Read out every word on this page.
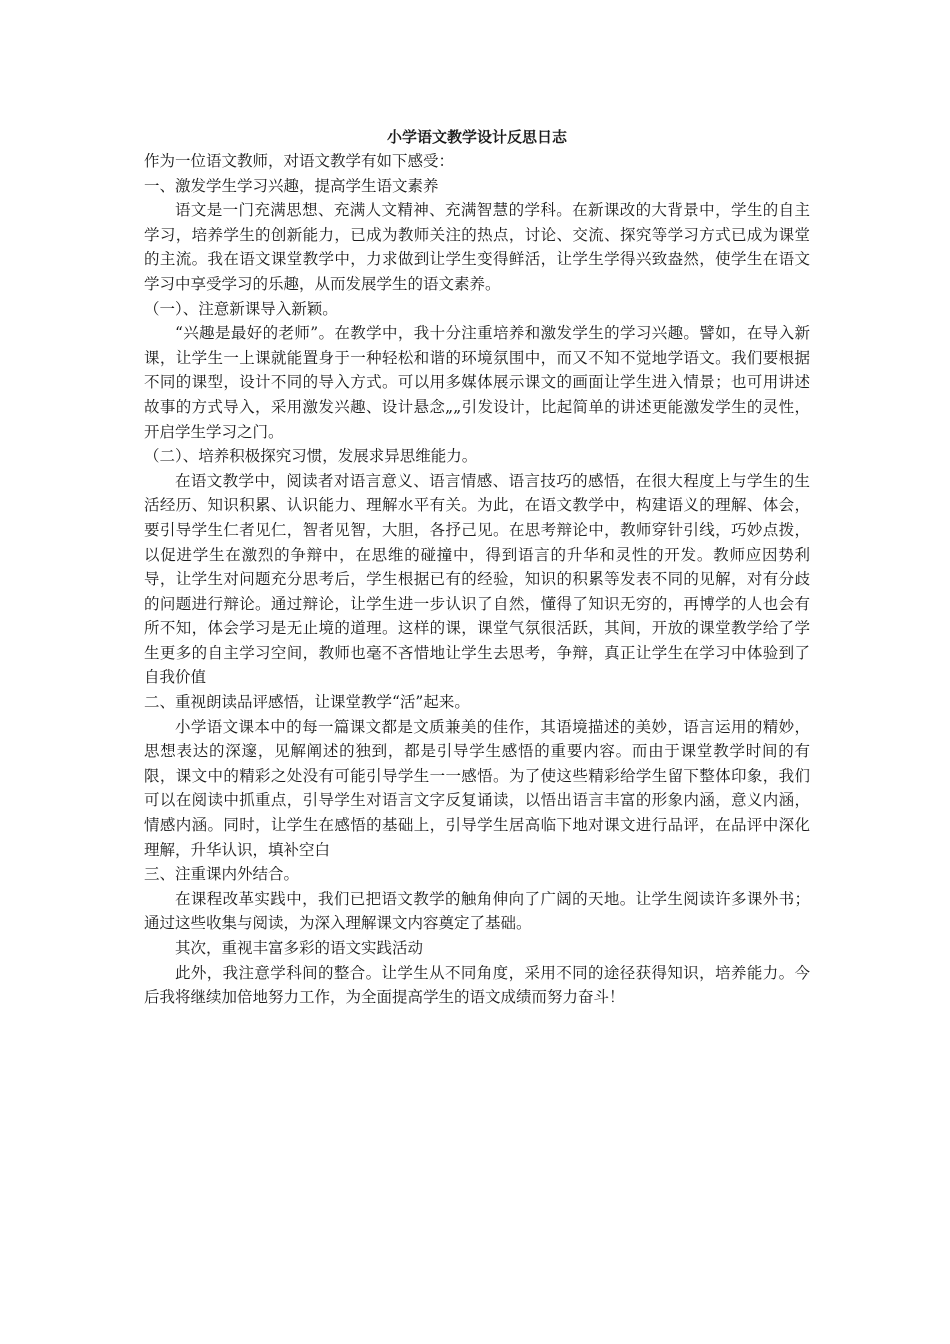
小学语文教学设计反思日志

作为一位语文教师，对语文教学有如下感受：

一、激发学生学习兴趣，提高学生语文素养

语文是一门充满思想、充满人文精神、充满智慧的学科。在新课改的大背景中，学生的自主学习，培养学生的创新能力，已成为教师关注的热点，讨论、交流、探究等学习方式已成为课堂的主流。我在语文课堂教学中，力求做到让学生变得鲜活，让学生学得兴致盎然，使学生在语文学习中享受学习的乐趣，从而发展学生的语文素养。

（一）、注意新课导入新颖。

“兴趣是最好的老师”。在教学中，我十分注重培养和激发学生的学习兴趣。譬如，在导入新课，让学生一上课就能置身于一种轻松和谐的环境氛围中，而又不知不觉地学语文。我们要根据不同的课型，设计不同的导入方式。可以用多媒体展示课文的画面让学生进入情景；也可用讲述故事的方式导入，采用激发兴趣、设计悬念„„引发设计，比起简单的讲述更能激发学生的灵性，开启学生学习之门。

（二）、培养积极探究习惯，发展求异思维能力。

在语文教学中，阅读者对语言意义、语言情感、语言技巧的感悟，在很大程度上与学生的生活经历、知识积累、认识能力、理解水平有关。为此，在语文教学中，构建语义的理解、体会，要引导学生仁者见仁，智者见智，大胆，各抒己见。在思考辩论中，教师穿针引线，巧妙点拨，以促进学生在激烈的争辩中，在思维的碰撞中，得到语言的升华和灵性的开发。教师应因势利导，让学生对问题充分思考后，学生根据已有的经验，知识的积累等发表不同的见解，对有分歧的问题进行辩论。通过辩论，让学生进一步认识了自然，懂得了知识无穷的，再博学的人也会有所不知，体会学习是无止境的道理。这样的课，课堂气氛很活跃，其间，开放的课堂教学给了学生更多的自主学习空间，教师也毫不吝惜地让学生去思考，争辩，真正让学生在学习中体验到了自我价值

二、重视朗读品评感悟，让课堂教学“活”起来。

小学语文课本中的每一篇课文都是文质兼美的佳作，其语境描述的美妙，语言运用的精妙，思想表达的深邃，见解阐述的独到，都是引导学生感悟的重要内容。而由于课堂教学时间的有限，课文中的精彩之处没有可能引导学生一一感悟。为了使这些精彩给学生留下整体印象，我们可以在阅读中抓重点，引导学生对语言文字反复诵读，以悟出语言丰富的形象内涵，意义内涵，情感内涵。同时，让学生在感悟的基础上，引导学生居高临下地对课文进行品评，在品评中深化理解，升华认识，填补空白

三、注重课内外结合。

在课程改革实践中，我们已把语文教学的触角伸向了广阔的天地。让学生阅读许多课外书；通过这些收集与阅读，为深入理解课文内容奠定了基础。

其次，重视丰富多彩的语文实践活动

此外，我注意学科间的整合。让学生从不同角度，采用不同的途径获得知识，培养能力。今后我将继续加倍地努力工作，为全面提高学生的语文成绩而努力奋斗！
